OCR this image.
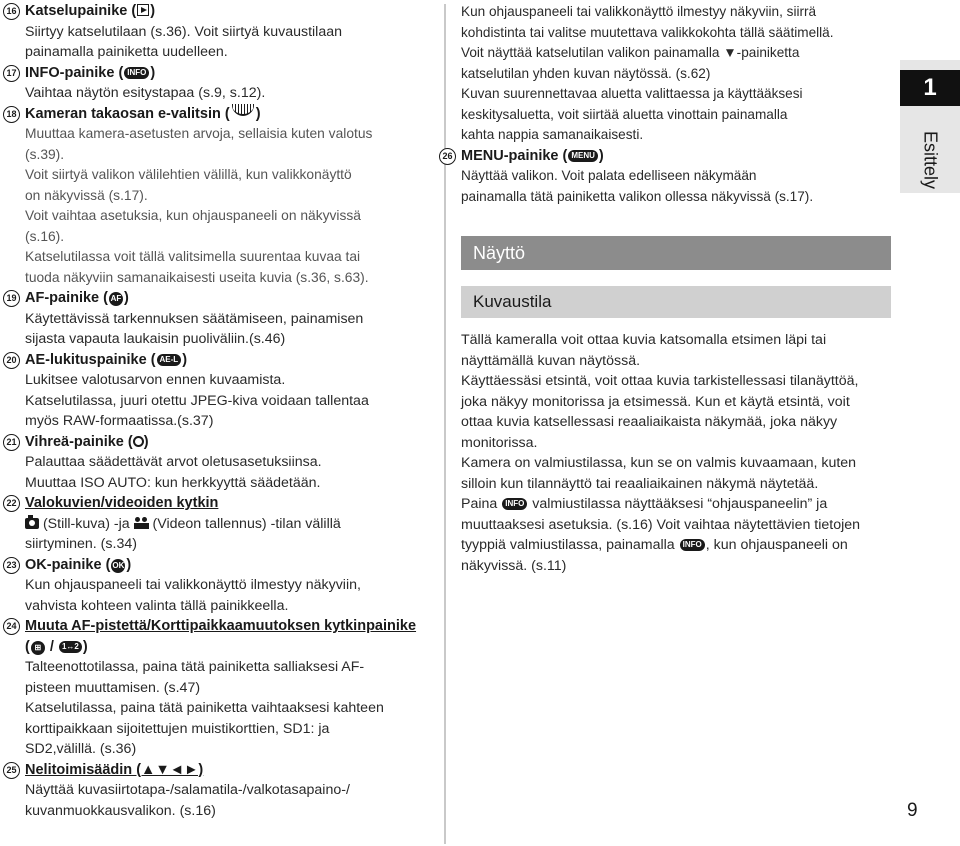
16 Katselupainike ( )
Siirtyy katselutilaan (s.36). Voit siirtyä kuvaustilaan
painamalla painiketta uudelleen.
17 INFO-painike ( INFO )
Vaihtaa näytön esitystapaa (s.9, s.12).
18 Kameran takaosan e-valitsin ( )
Muuttaa kamera-asetusten arvoja, sellaisia kuten valotus
(s.39).
Voit siirtyä valikon välilehtien välillä, kun valikkonäyttö
on näkyvissä (s.17).
Voit vaihtaa asetuksia, kun ohjauspaneeli on näkyvissä
(s.16).
Katselutilassa voit tällä valitsimella suurentaa kuvaa tai
tuoda näkyviin samanaikaisesti useita kuvia (s.36, s.63).
19 AF-painike ( AF )
Käytettävissä tarkennuksen säätämiseen, painamisen
sijasta vapauta laukaisin puoliväliin.(s.46)
20 AE-lukituspainike ( AE-L )
Lukitsee valotusarvon ennen kuvaamista.
Katselutilassa, juuri otettu JPEG-kiva voidaan tallentaa
myös RAW-formaatissa.(s.37)
21 Vihreä-painike ( )
Palauttaa säädettävät arvot oletusasetuksiinsa.
Muuttaa ISO AUTO: kun herkkyyttä säädetään.
22 Valokuvien/videoiden kytkin
(Still-kuva) -ja  (Videon tallennus) -tilan välillä
siirtyminen. (s.34)
23 OK-painike ( OK )
Kun ohjauspaneeli tai valikkonäyttö ilmestyy näkyviin,
vahvista kohteen valinta tällä painikkeella.
24 Muuta AF-pistettä/Korttipaikkaamuutoksen kytkinpainike
( ⊞ / 1↔2 )
Talteenottotilassa, paina tätä painiketta salliaksesi AF-
pisteen muuttamisen. (s.47)
Katselutilassa, paina tätä painiketta vaihtaaksesi kahteen
korttipaikkaan sijoitettujen muistikorttien, SD1: ja
SD2,välillä. (s.36)
25 Nelitoimisäädin (▲▼◄►)
Näyttää kuvasiirtotapa-/salamatila-/valkotasapaino-/
kuvanmuokkausvalikon. (s.16)
Kun ohjauspaneeli tai valikkonäyttö ilmestyy näkyviin, siirrä
kohdistinta tai valitse muutettava valikkokohta tällä säätimellä.
Voit näyttää katselutilan valikon painamalla ▼-painiketta
katselutilan yhden kuvan näytössä. (s.62)
Kuvan suurennettavaa aluetta valittaessa ja käyttääksesi
keskitysaluetta, voit siirtää aluetta vinottain painamalla
kahta nappia samanaikaisesti.
26 MENU-painike ( MENU )
Näyttää valikon. Voit palata edelliseen näkymään
painamalla tätä painiketta valikon ollessa näkyvissä (s.17).
Näyttö
Kuvaustila
Tällä kameralla voit ottaa kuvia katsomalla etsimen läpi tai
näyttämällä kuvan näytössä.
Käyttäessäsi etsintä, voit ottaa kuvia tarkistellessasi tilanäyttöä,
joka näkyy monitorissa ja etsimessä. Kun et käytä etsintä, voit
ottaa kuvia katsellessasi reaaliaikaista näkymää, joka näkyy
monitorissa.
Kamera on valmiustilassa, kun se on valmis kuvaamaan, kuten
silloin kun tilannäyttö tai reaaliaikainen näkymä näytetää.
Paina INFO valmiustilassa näyttääksesi “ohjauspaneelin” ja
muuttaaksesi asetuksia. (s.16) Voit vaihtaa näytettävien tietojen
tyyppiä valmiustilassa, painamalla INFO , kun ohjauspaneeli on
näkyvissä. (s.11)
1
Esittely
9
